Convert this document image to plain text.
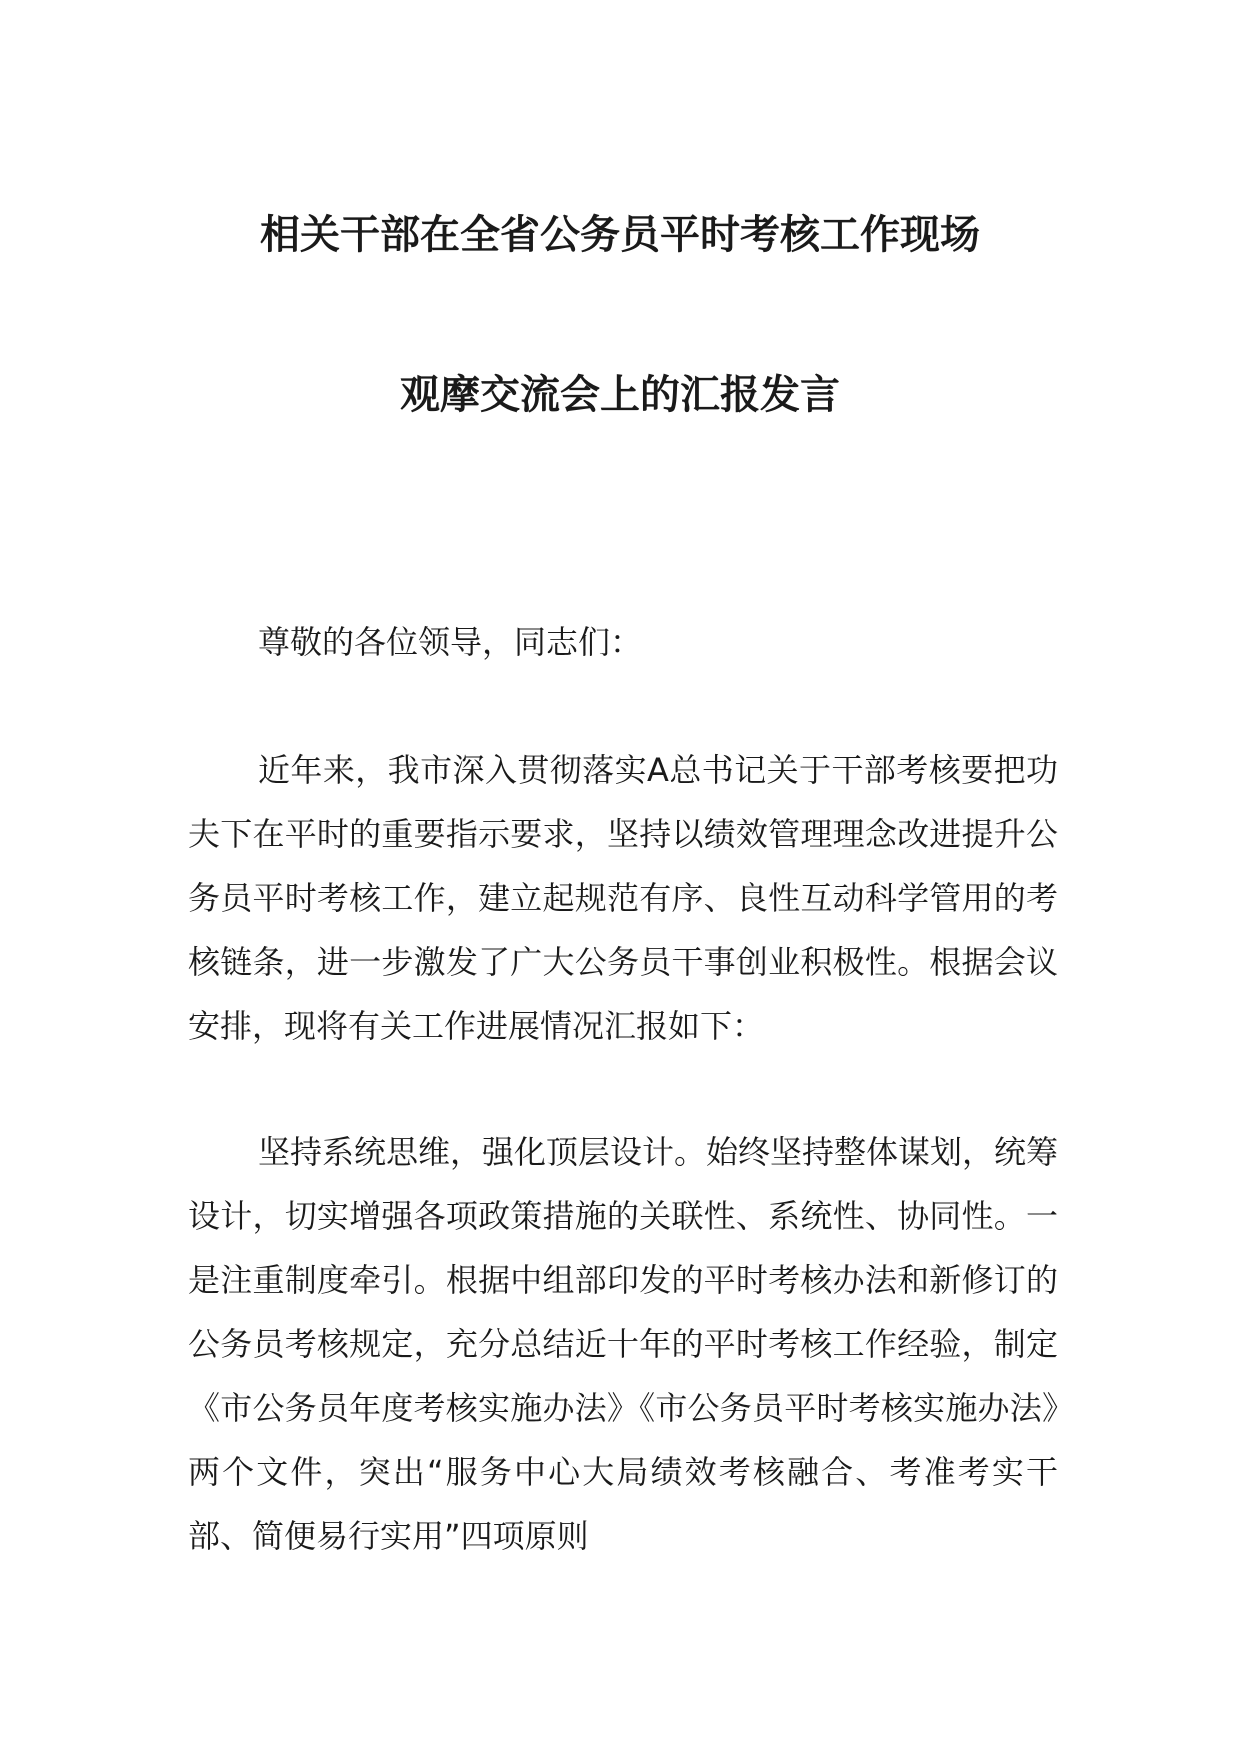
相关干部在全省公务员平时考核工作现场
观摩交流会上的汇报发言
尊敬的各位领导，同志们：

近年来，我市深入贯彻落实A总书记关于干部考核要把功夫下在平时的重要指示要求，坚持以绩效管理理念改进提升公务员平时考核工作，建立起规范有序、良性互动科学管用的考核链条，进一步激发了广大公务员干事创业积极性。根据会议安排，现将有关工作进展情况汇报如下：

坚持系统思维，强化顶层设计。始终坚持整体谋划，统筹设计，切实增强各项政策措施的关联性、系统性、协同性。一是注重制度牵引。根据中组部印发的平时考核办法和新修订的公务员考核规定，充分总结近十年的平时考核工作经验，制定《市公务员年度考核实施办法》《市公务员平时考核实施办法》两个文件，突出“服务中心大局绩效考核融合、考准考实干部、简便易行实用”四项原则
